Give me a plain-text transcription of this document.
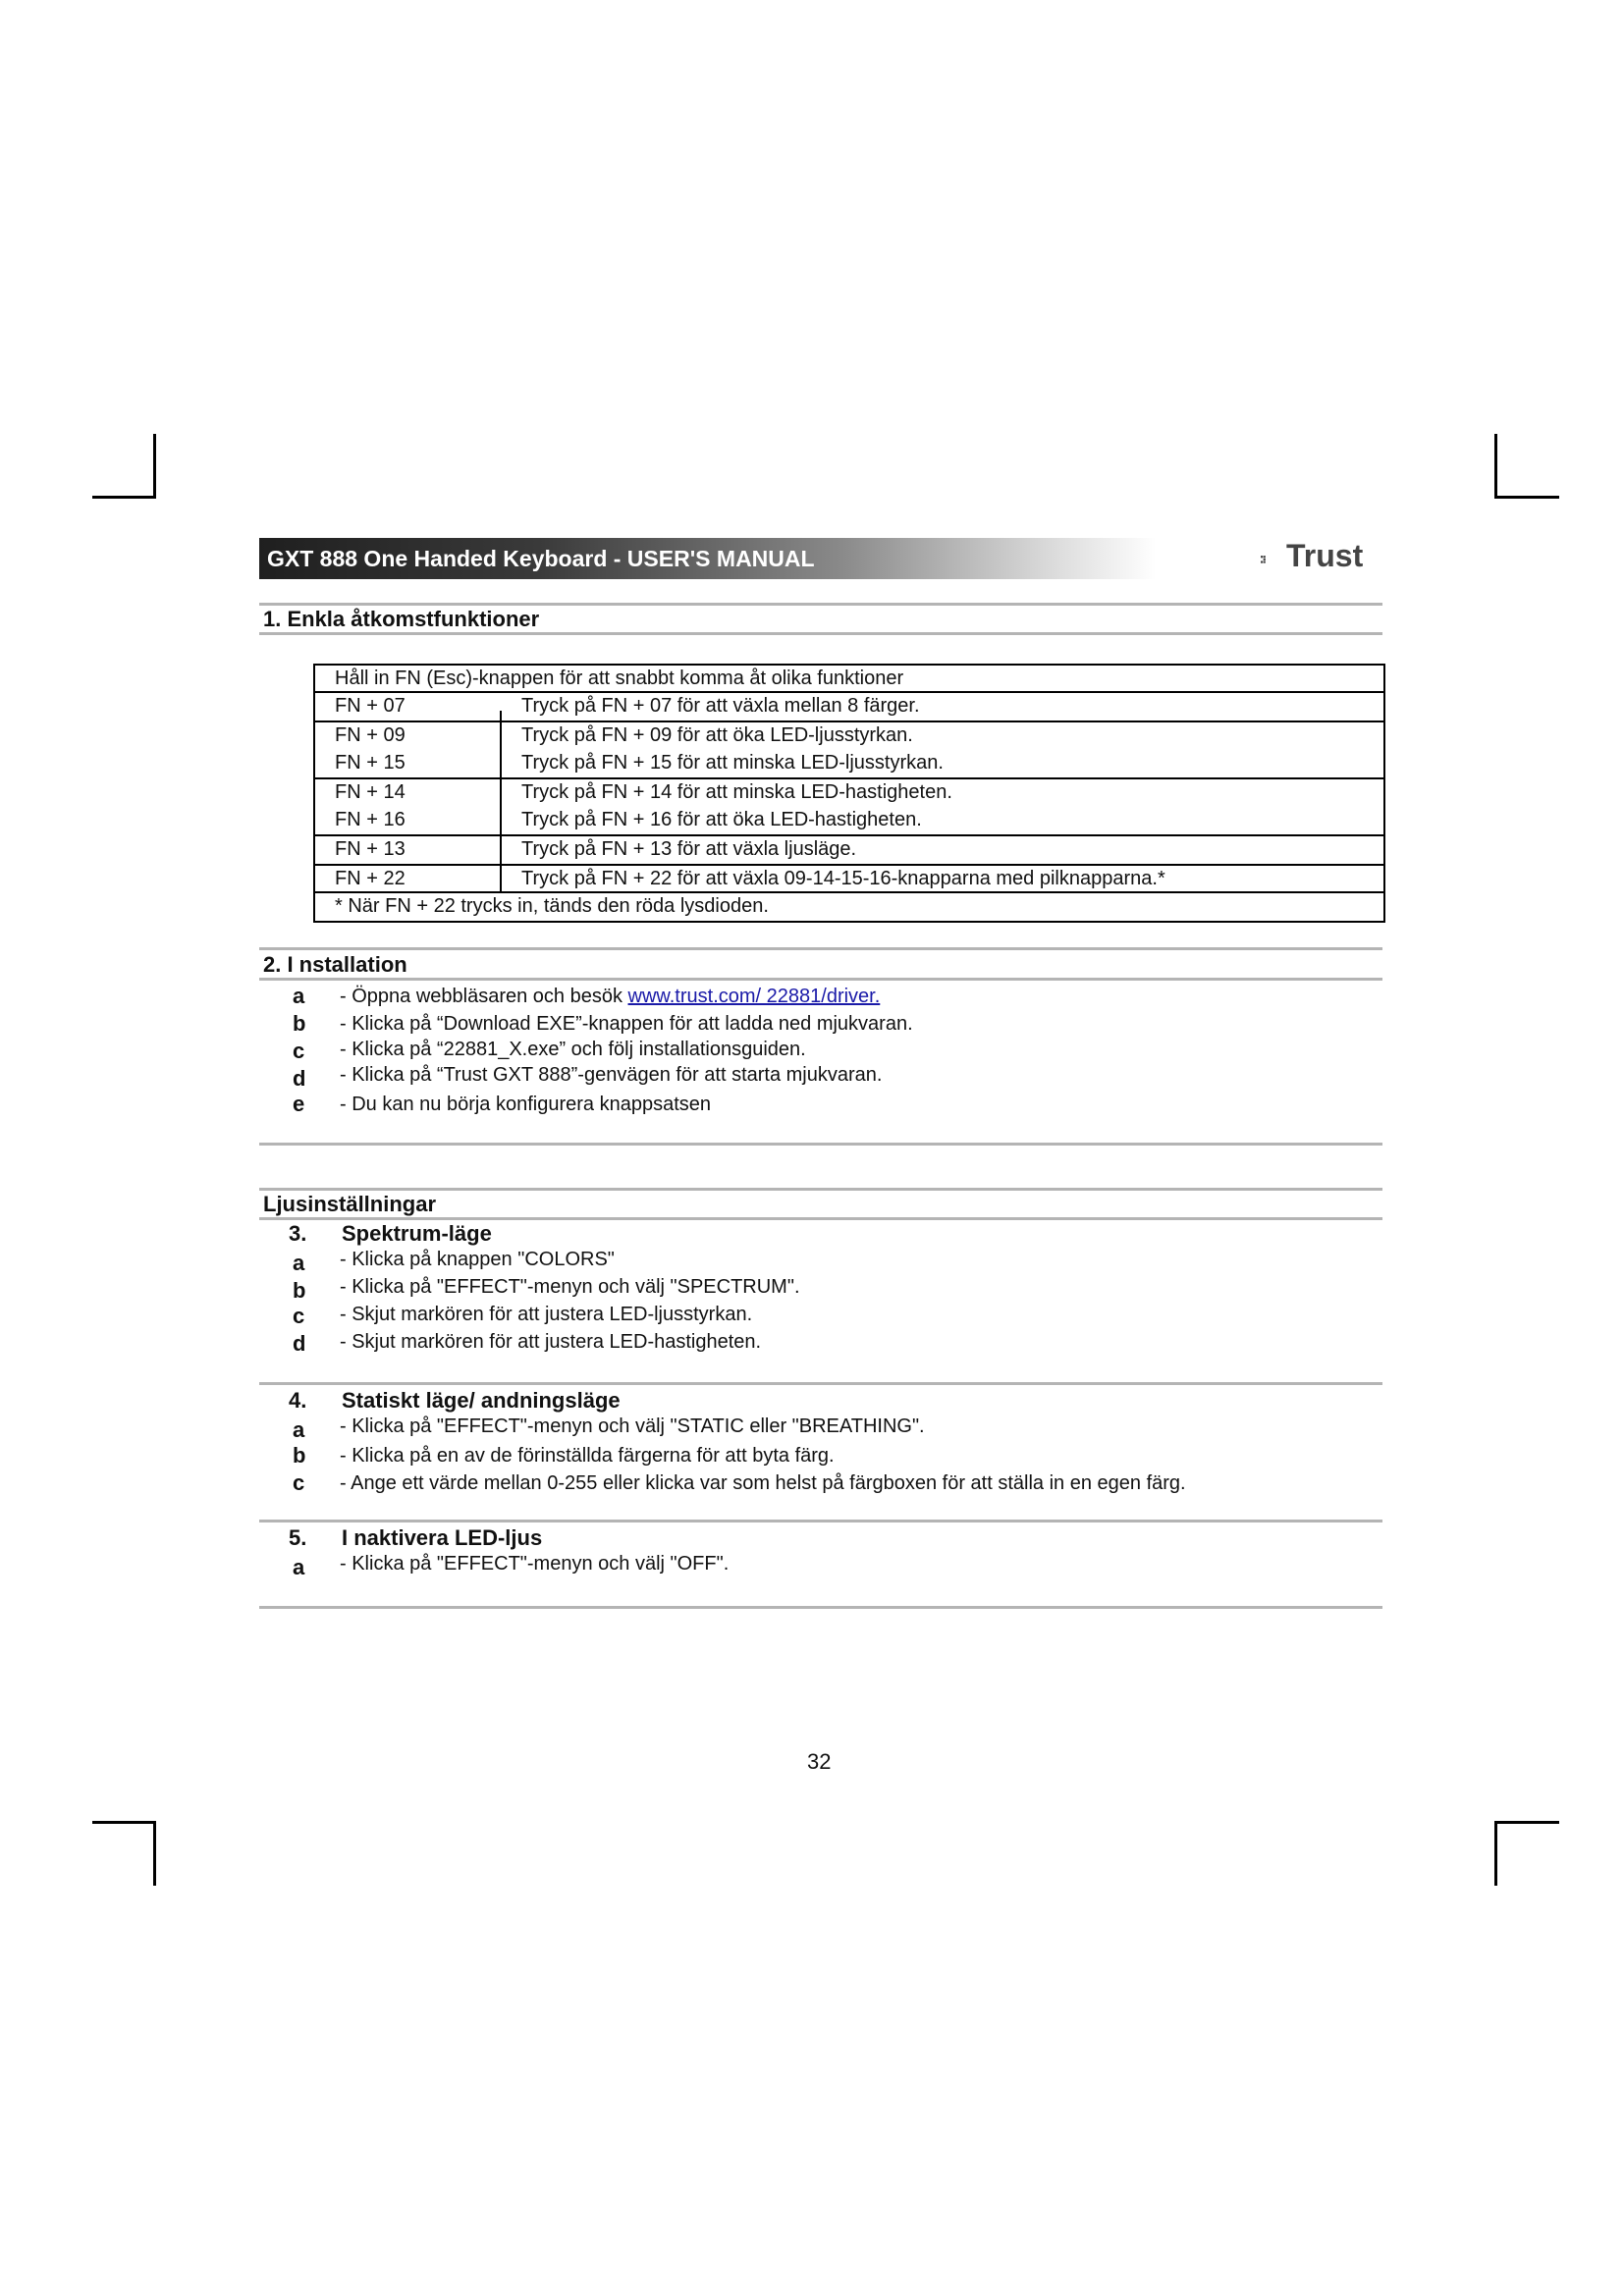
GXT 888 One Handed Keyboard - USER'S MANUAL	Trust
1. Enkla åtkomstfunktioner
Håll in FN (Esc)-knappen för att snabbt komma åt olika funktioner
FN + 07	Tryck på FN + 07 för att växla mellan 8 färger.
FN + 09	Tryck på FN + 09 för att öka LED-ljusstyrkan.
FN + 15	Tryck på FN + 15 för att minska LED-ljusstyrkan.
FN + 14	Tryck på FN + 14 för att minska LED-hastigheten.
FN + 16	Tryck på FN + 16 för att öka LED-hastigheten.
FN + 13	Tryck på FN + 13 för att växla ljusläge.
FN + 22	Tryck på FN + 22 för att växla 09-14-15-16-knapparna med pilknapparna.*
* När FN + 22 trycks in, tänds den röda lysdioden.
2. I nstallation
a - Öppna webbläsaren och besök www.trust.com/ 22881/driver.
b - Klicka på “Download EXE”-knappen för att ladda ned mjukvaran.
c - Klicka på “22881_X.exe” och följ installationsguiden.
d - Klicka på “Trust GXT 888”-genvägen för att starta mjukvaran.
e - Du kan nu börja konfigurera knappsatsen
Ljusinställningar
3. Spektrum-läge
a - Klicka på knappen "COLORS"
b - Klicka på "EFFECT"-menyn och välj "SPECTRUM".
c - Skjut markören för att justera LED-ljusstyrkan.
d - Skjut markören för att justera LED-hastigheten.
4. Statiskt läge/ andningsläge
a - Klicka på "EFFECT"-menyn och välj "STATIC eller "BREATHING".
b - Klicka på en av de förinställda färgerna för att byta färg.
c - Ange ett värde mellan 0-255 eller klicka var som helst på färgboxen för att ställa in en egen färg.
5. I naktivera LED-ljus
a - Klicka på "EFFECT"-menyn och välj "OFF".
32
